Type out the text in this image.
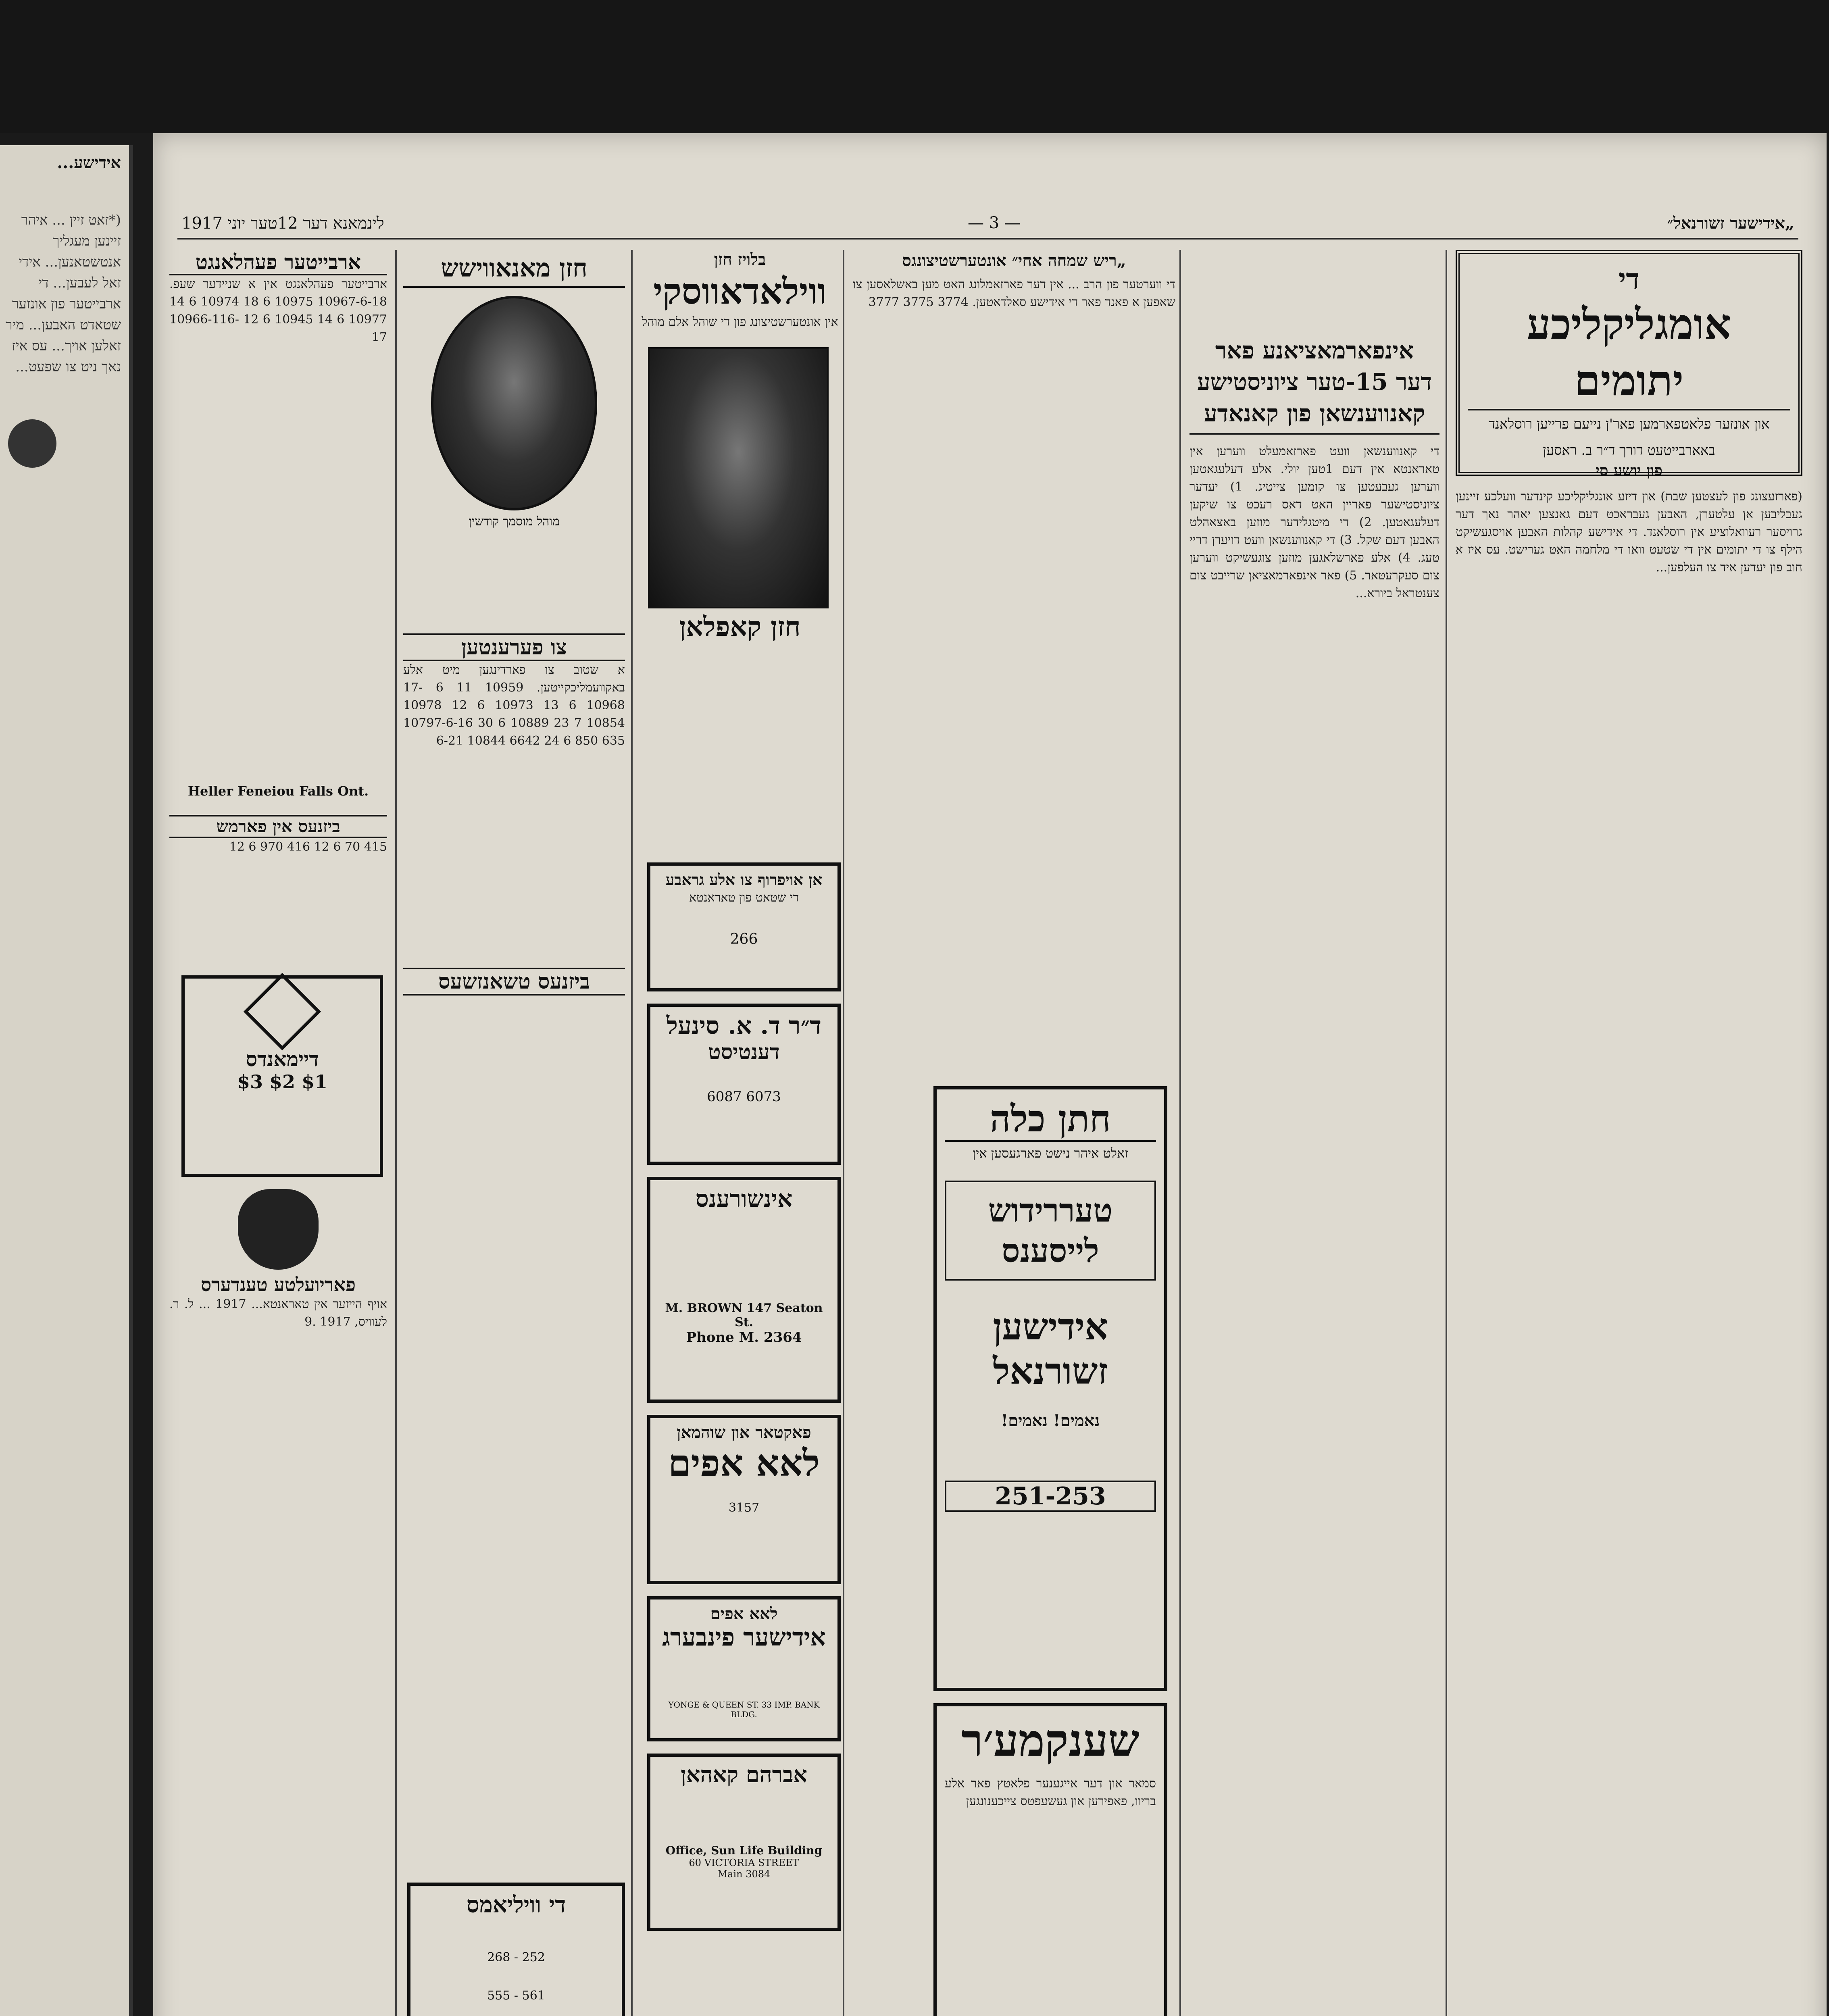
אידישע...
(*זאט זיין ... איהר זיינען מעגליך אנטשטאנען... אידי זאל לעבען... די ארבייטער פון אונזער שטאדט האבען... מיר זאלען אויך... עס איז נאך ניט צו שפעט...
לינמאנא דער 12טער יוני 1917	— 3 —	„אידישער זשורנאל״
די
אומגליקליכע יתומים
און אונזער פלאטפארמען פאר'ן נייעם פרייען רוסלאנד
באארבייטעט דורך ד״ר ב. ראסען
פון יושע סי
(פארזעצונג פון לעצטען שבת) און דיזע אונגליקליכע קינדער וועלכע זיינען געבליבען אן עלטערן, האבען געבראכט דעם גאנצען יאהר נאך דער גרויסער רעוואלוציע אין רוסלאנד. די אידישע קהלות האבען אויסגעשיקט הילף צו די יתומים אין די שטעט וואו די מלחמה האט גערישט. עס איז א חוב פון יעדען איד צו העלפען...
אינפארמאציאנע פאר דער 15-טער ציוניסטישע קאנווענשאן פון קאנאדע
די קאנווענשאן וועט פארזאמעלט ווערען אין טאראנטא אין דעם 1טען יולי. אלע דעלעגאטען ווערען געבעטען צו קומען צייטיג. 1) יעדער ציוניסטישער פאריין האט דאס רעכט צו שיקען דעלעגאטען. 2) די מיטגלידער מוזען באצאהלט האבען דעם שקל. 3) די קאנווענשאן וועט דויערן דריי טעג. 4) אלע פארשלאגען מוזען צוגעשיקט ווערען צום סעקרעטאר. 5) פאר אינפארמאציאן שרייבט צום צענטראל ביורא...
„ריש שמחה אחי״ אונטערשטיצונגס
די ווערטער פון הרב ... אין דער פארזאמלונג האט מען באשלאסען צו שאפען א פאנד פאר די אידישע סאלדאטען. 3774 3775 3777
חתן כלה
זאלט איהר נישט פארגעסען אין
טעררידוש לייסענס
אידישען זשורנאל
נאמים! נאמים!
251-253
שענקמע׳ר
סמאר און דער אייגענער פלאטץ פאר אלע בריוו, פאפירען און געשעפטס צייכענונגען
בלויז חזן
ווילאדאווסקי
אין אונטערשטיצונג פון די שוהל אלם מוהל
חזן קאפלאן
אן אויפרוף צו אלע גראבע
די שטאט פון טאראנטא
266
ד״ר ד. א. סינעל
דענטיסט
6073 6087
אינשורענס
M. BROWN 147 Seaton St.
Phone M. 2364
פאקטאר און שוהמאן
לאא אפים
3157
לאא אפים
אידישער פינבערג
YONGE & QUEEN ST. 33 IMP. BANK BLDG.
אברהם קאהאן
Office, Sun Life Building
60 VICTORIA STREET
Main 3084
חזן מאנאווישש
מוהל מוסמך קודשין
צו פערענטען
א שטוב צו פארדינגען מיט אלע באקוועמליכקייטען. 10959 11 6 -17 10968 6 13 10973 6 12 10978 10854 7 23 10889 6 30 10797-6-16 635 850 6 24 6642 10844 6-21
ביזנעס טשאנזשעס
די וויליאמס
252 - 268
561 - 555
ארבייטער פעהלאנגט
ארבייטער פעהלאנגט אין א שניידער שעפ. 10967-6-18 10975 6 18 10974 6 14 10977 6 14 10945 6 12 10966-116-17
Heller Feneiou Falls Ont.
ביזנעס אין פארמש
415 70 6 12 416 970 6 12
דיימאנדס
$1 $2 $3
פאריועלטע טענדערס
אויף הייזער אין טאראנטא... 1917 ... ל. ר. לעוויס, 1917 .9
